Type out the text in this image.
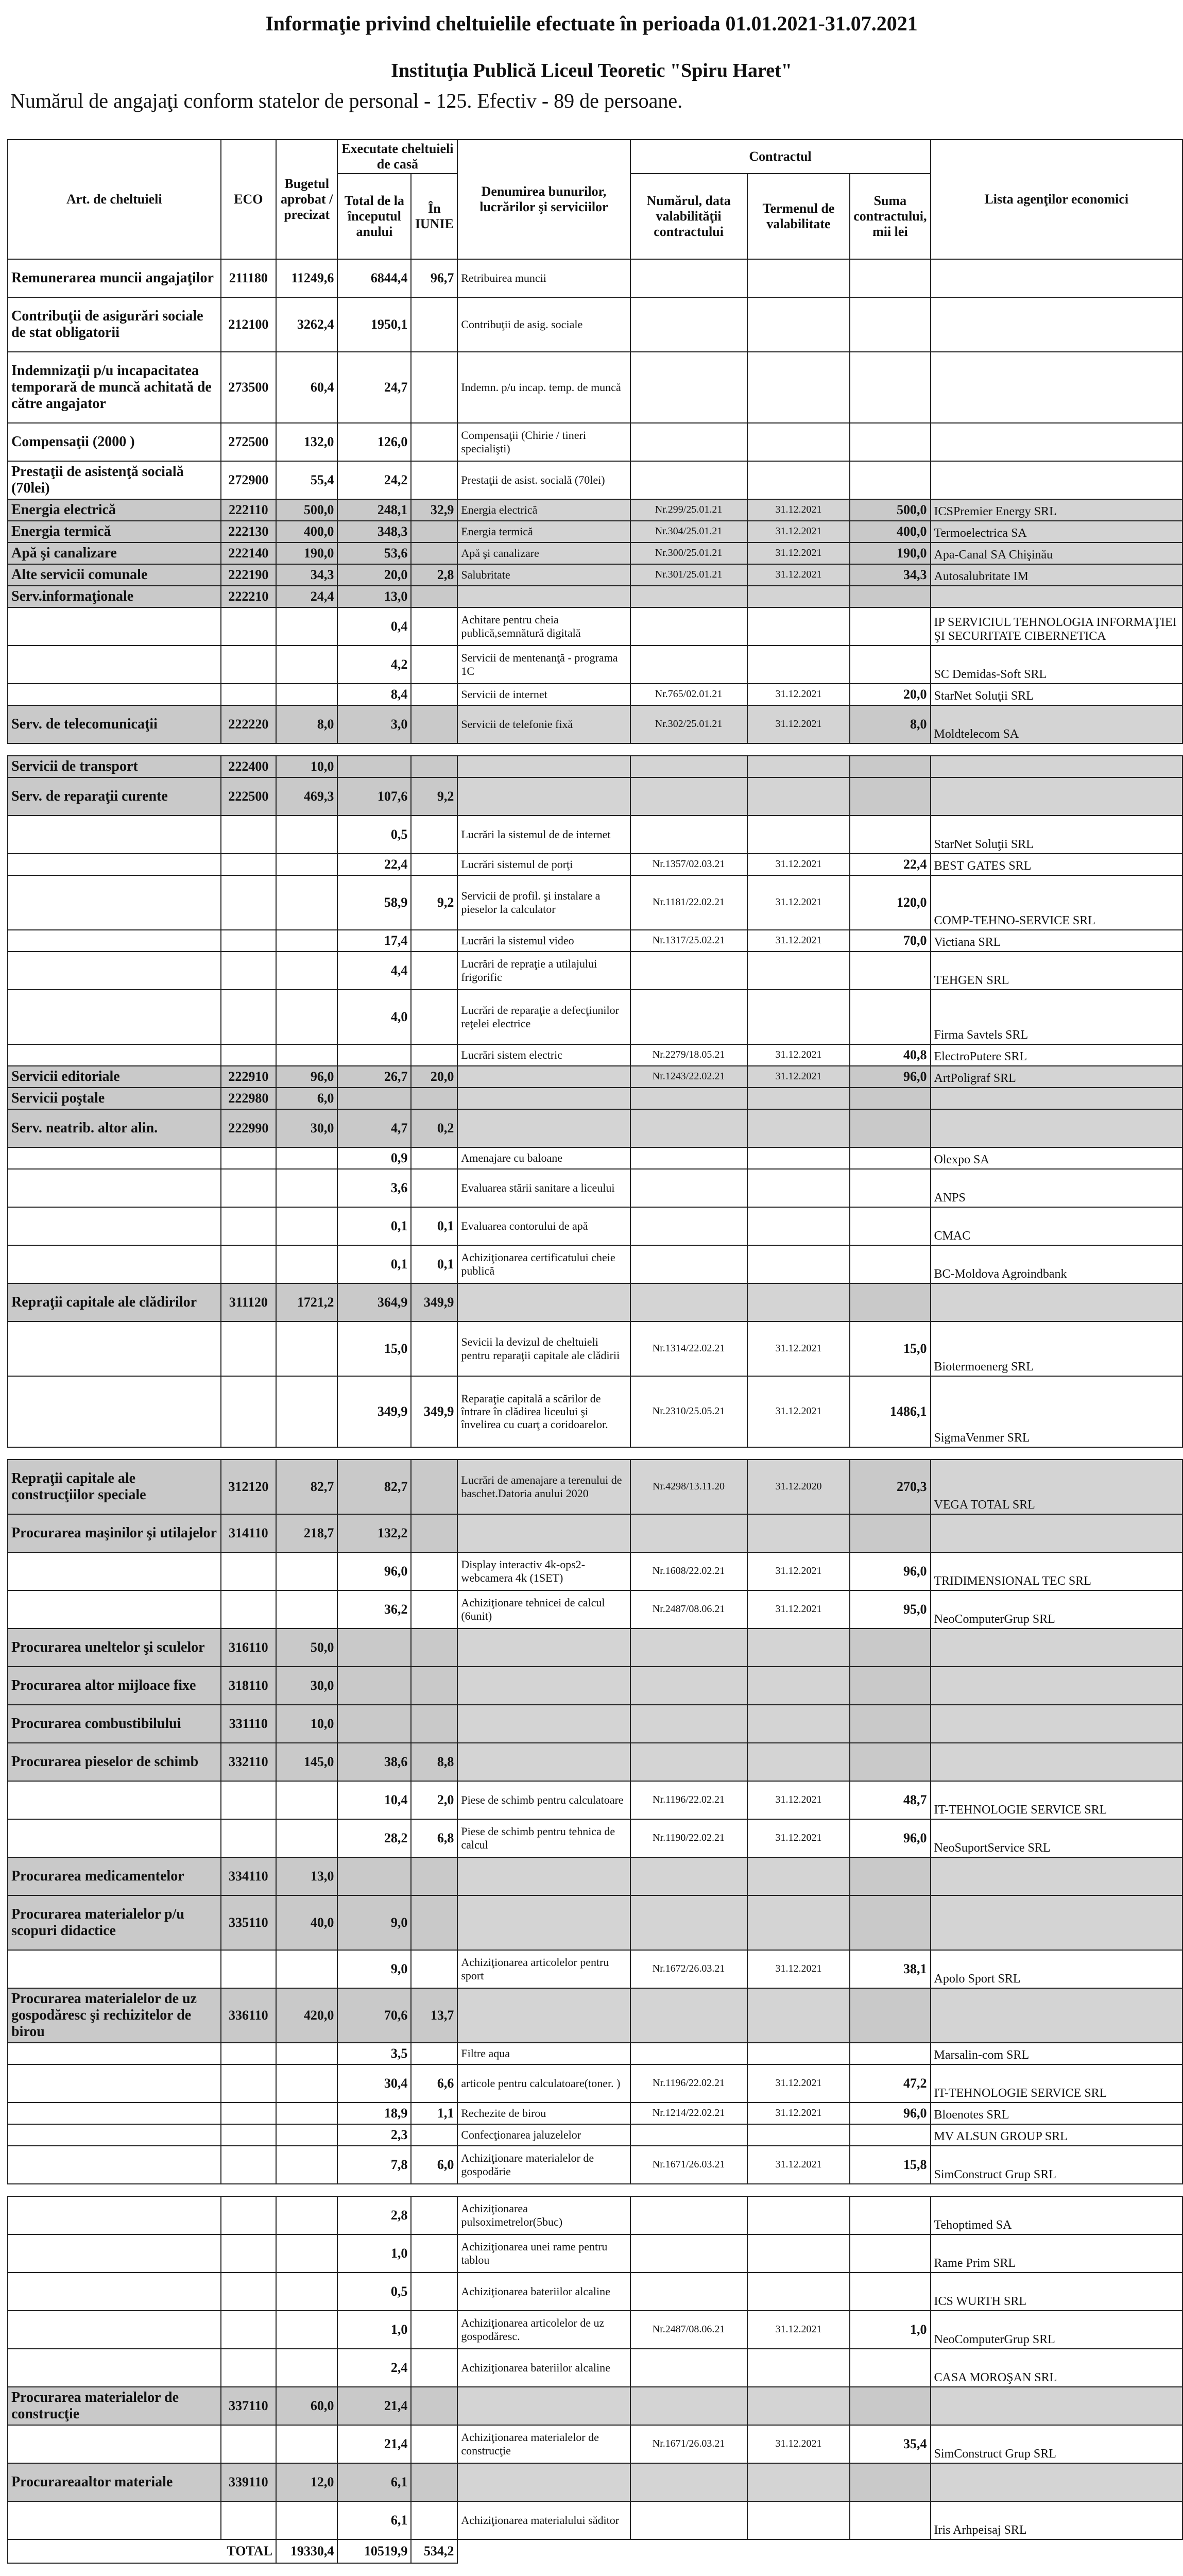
Informaţie privind cheltuielile efectuate în perioada 01.01.2021-31.07.2021
Instituţia Publică Liceul Teoretic "Spiru Haret"
Numărul de angajaţi conform statelor de personal - 125. Efectiv - 89 de persoane.
Art. de cheltuieli	ECO	Bugetul aprobat / precizat	Executate cheltuieli de casă		Denumirea bunurilor, lucrărilor şi serviciilor	Contractul			Lista agenţilor economici
			Total de la începutul anului	În IUNIE		Numărul, data valabilităţii contractului	Termenul de valabilitate	Suma contractului, mii lei	
Remunerarea muncii angajaţilor	211180	11249,6	6844,4	96,7	Retribuirea muncii				
Contribuţii de asigurări sociale de stat obligatorii	212100	3262,4	1950,1		Contribuţii de asig. sociale				
Indemnizaţii p/u incapacitatea temporară de muncă achitată de către angajator	273500	60,4	24,7		Indemn. p/u incap. temp. de muncă				
Compensaţii (2000 )	272500	132,0	126,0		Compensaţii (Chirie / tineri specialişti)				
Prestaţii de asistenţă socială (70lei)	272900	55,4	24,2		Prestaţii de asist. socială (70lei)				
Energia electrică	222110	500,0	248,1	32,9	Energia electrică	Nr.299/25.01.21	31.12.2021	500,0	ICSPremier Energy SRL
Energia termică	222130	400,0	348,3		Energia termică	Nr.304/25.01.21	31.12.2021	400,0	Termoelectrica SA
Apă şi canalizare	222140	190,0	53,6		Apă şi canalizare	Nr.300/25.01.21	31.12.2021	190,0	Apa-Canal SA Chişinău
Alte servicii comunale	222190	34,3	20,0	2,8	Salubritate	Nr.301/25.01.21	31.12.2021	34,3	Autosalubritate IM
Serv.informaţionale	222210	24,4	13,0						
			0,4		Achitare pentru cheia publică,semnătură digitală				IP SERVICIUL TEHNOLOGIA INFORMAŢIEI ŞI SECURITATE CIBERNETICA
			4,2		Servicii de mentenanţă - programa 1C				SC Demidas-Soft SRL
			8,4		Servicii de internet	Nr.765/02.01.21	31.12.2021	20,0	StarNet Soluţii SRL
Serv. de telecomunicaţii	222220	8,0	3,0		Servicii de telefonie fixă	Nr.302/25.01.21	31.12.2021	8,0	Moldtelecom SA

Servicii de transport	222400	10,0							
Serv. de reparaţii curente	222500	469,3	107,6	9,2					
			0,5		Lucrări la sistemul de de internet				StarNet Soluţii SRL
			22,4		Lucrări sistemul de porţi	Nr.1357/02.03.21	31.12.2021	22,4	BEST GATES SRL
			58,9	9,2	Servicii de profil. şi instalare a pieselor la calculator	Nr.1181/22.02.21	31.12.2021	120,0	COMP-TEHNO-SERVICE SRL
			17,4		Lucrări la sistemul video	Nr.1317/25.02.21	31.12.2021	70,0	Victiana SRL
			4,4		Lucrări de repraţie a utilajului frigorific				TEHGEN SRL
			4,0		Lucrări de reparaţie a defecţiunilor reţelei electrice				Firma Savtels SRL
					Lucrări sistem electric	Nr.2279/18.05.21	31.12.2021	40,8	ElectroPutere SRL
Servicii editoriale	222910	96,0	26,7	20,0		Nr.1243/22.02.21	31.12.2021	96,0	ArtPoligraf SRL
Servicii poştale	222980	6,0							
Serv. neatrib. altor alin.	222990	30,0	4,7	0,2					
			0,9		Amenajare cu baloane				Olexpo SA
			3,6		Evaluarea stării sanitare a liceului				ANPS
			0,1	0,1	Evaluarea contorului de apă				CMAC
			0,1	0,1	Achiziţionarea certificatului cheie publică				BC-Moldova Agroindbank
Repraţii capitale ale clădirilor	311120	1721,2	364,9	349,9					
			15,0		Sevicii la devizul de cheltuieli pentru reparaţii capitale ale clădirii	Nr.1314/22.02.21	31.12.2021	15,0	Biotermoenerg SRL
			349,9	349,9	Reparaţie capitală a scărilor de întrare în clădirea liceului şi învelirea cu cuarţ a coridoarelor.	Nr.2310/25.05.21	31.12.2021	1486,1	SigmaVenmer SRL

Repraţii capitale ale construcţiilor speciale	312120	82,7	82,7		Lucrări de amenajare a terenului de baschet.Datoria anului 2020	Nr.4298/13.11.20	31.12.2020	270,3	VEGA TOTAL SRL
Procurarea maşinilor şi utilajelor	314110	218,7	132,2						
			96,0		Display interactiv 4k-ops2-webcamera 4k (1SET)	Nr.1608/22.02.21	31.12.2021	96,0	TRIDIMENSIONAL TEC SRL
			36,2		Achiziţionare tehnicei de calcul (6unit)	Nr.2487/08.06.21	31.12.2021	95,0	NeoComputerGrup SRL
Procurarea uneltelor şi sculelor	316110	50,0							
Procurarea altor mijloace fixe	318110	30,0							
Procurarea combustibilului	331110	10,0							
Procurarea pieselor de schimb	332110	145,0	38,6	8,8					
			10,4	2,0	Piese de schimb pentru calculatoare	Nr.1196/22.02.21	31.12.2021	48,7	IT-TEHNOLOGIE SERVICE SRL
			28,2	6,8	Piese de schimb pentru tehnica de calcul	Nr.1190/22.02.21	31.12.2021	96,0	NeoSuportService SRL
Procurarea medicamentelor	334110	13,0							
Procurarea materialelor p/u scopuri didactice	335110	40,0	9,0						
			9,0		Achiziţionarea articolelor pentru sport	Nr.1672/26.03.21	31.12.2021	38,1	Apolo Sport SRL
Procurarea materialelor de uz gospodăresc şi rechizitelor de birou	336110	420,0	70,6	13,7					
			3,5		Filtre aqua				Marsalin-com SRL
			30,4	6,6	articole pentru calculatoare(toner. )	Nr.1196/22.02.21	31.12.2021	47,2	IT-TEHNOLOGIE SERVICE SRL
			18,9	1,1	Rechezite de birou	Nr.1214/22.02.21	31.12.2021	96,0	Bloenotes SRL
			2,3		Confecţionarea jaluzelelor				MV ALSUN GROUP SRL
			7,8	6,0	Achiziţionare materialelor de gospodărie	Nr.1671/26.03.21	31.12.2021	15,8	SimConstruct Grup SRL

			2,8		Achiziţionarea pulsoximetrelor(5buc)				Tehoptimed SA
			1,0		Achiziţionarea unei rame pentru tablou				Rame Prim SRL
			0,5		Achiziţionarea bateriilor alcaline				ICS WURTH SRL
			1,0		Achiziţionarea articolelor de uz gospodăresc.	Nr.2487/08.06.21	31.12.2021	1,0	NeoComputerGrup SRL
			2,4		Achiziţionarea bateriilor alcaline				CASA MOROŞAN SRL
Procurarea materialelor de construcţie	337110	60,0	21,4						
			21,4		Achiziţionarea materialelor de construcţie	Nr.1671/26.03.21	31.12.2021	35,4	SimConstruct Grup SRL
Procurareaaltor materiale	339110	12,0	6,1						
			6,1		Achiziţionarea materialului săditor				Iris Arhpeisaj SRL
TOTAL		19330,4	10519,9	534,2					
